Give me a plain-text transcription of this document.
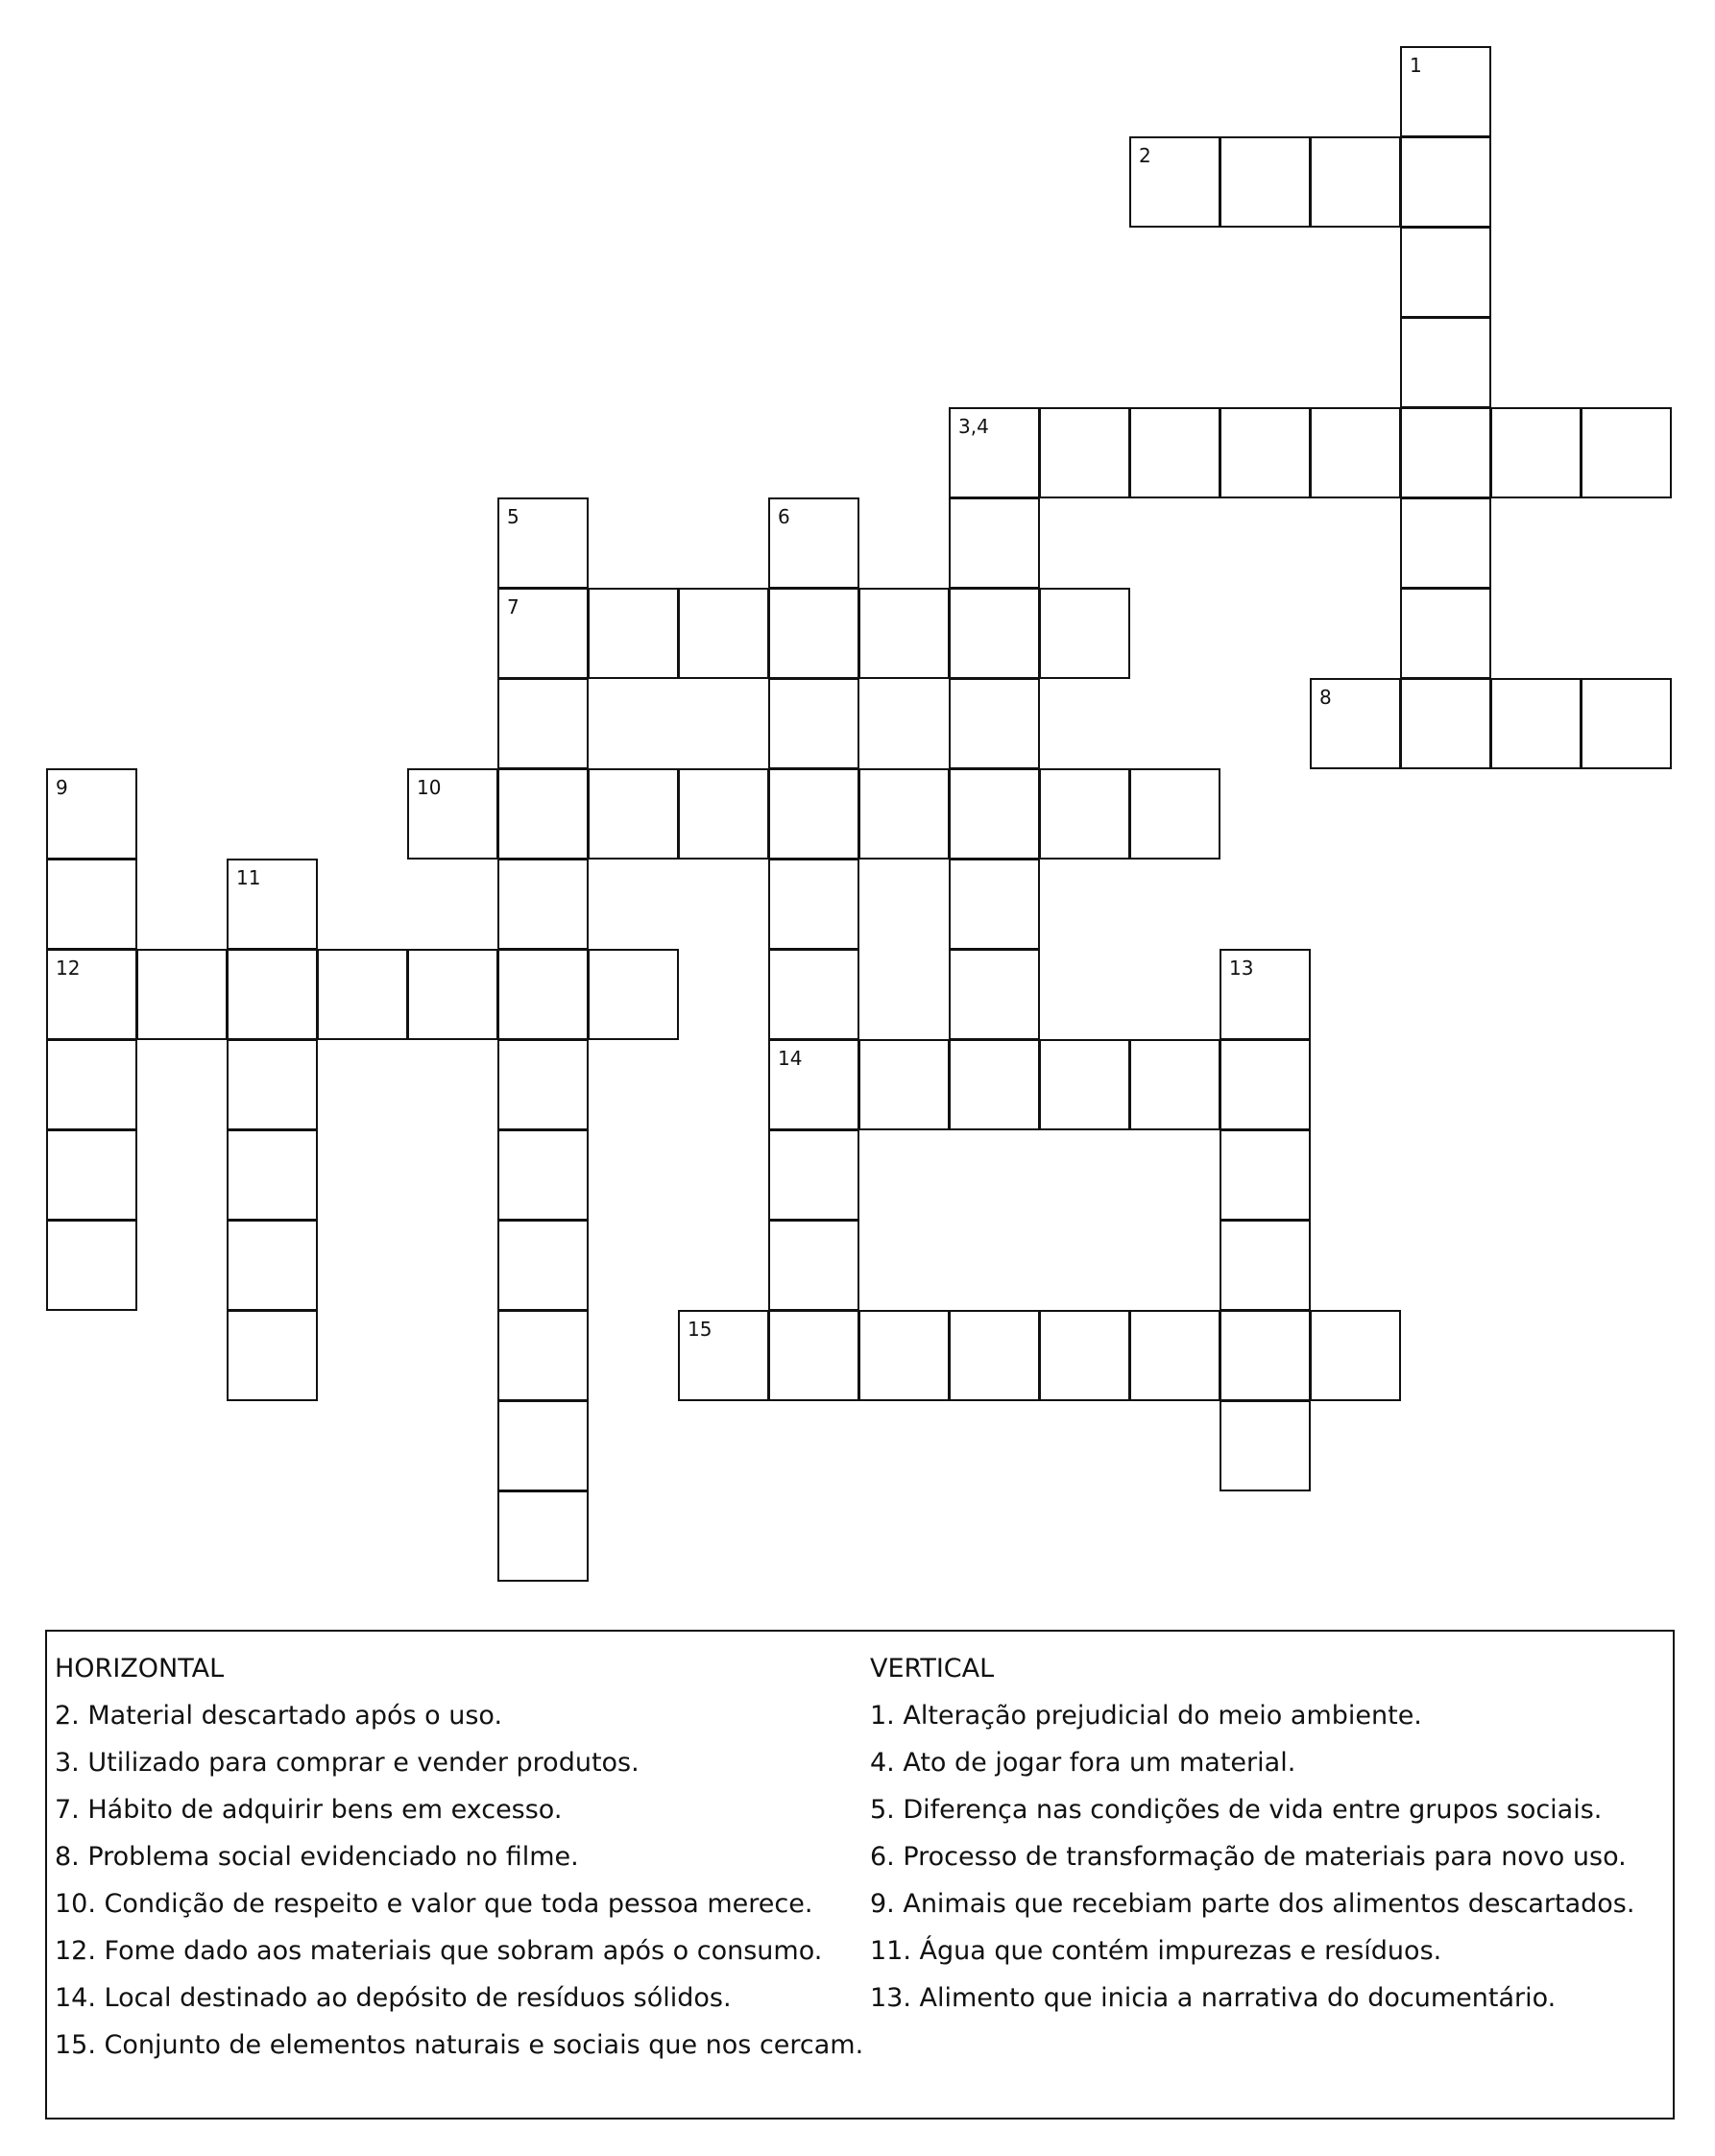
1
2
3,4
5
7
6
14
8
9
12
10
11
13
15
HORIZONTAL
2. Material descartado após o uso.
3. Utilizado para comprar e vender produtos.
7. Hábito de adquirir bens em excesso.
8. Problema social evidenciado no filme.
10. Condição de respeito e valor que toda pessoa merece.
12. Fome dado aos materiais que sobram após o consumo.
14. Local destinado ao depósito de resíduos sólidos.
15. Conjunto de elementos naturais e sociais que nos cercam.
VERTICAL
1. Alteração prejudicial do meio ambiente.
4. Ato de jogar fora um material.
5. Diferença nas condições de vida entre grupos sociais.
6. Processo de transformação de materiais para novo uso.
9. Animais que recebiam parte dos alimentos descartados.
11. Água que contém impurezas e resíduos.
13. Alimento que inicia a narrativa do documentário.
